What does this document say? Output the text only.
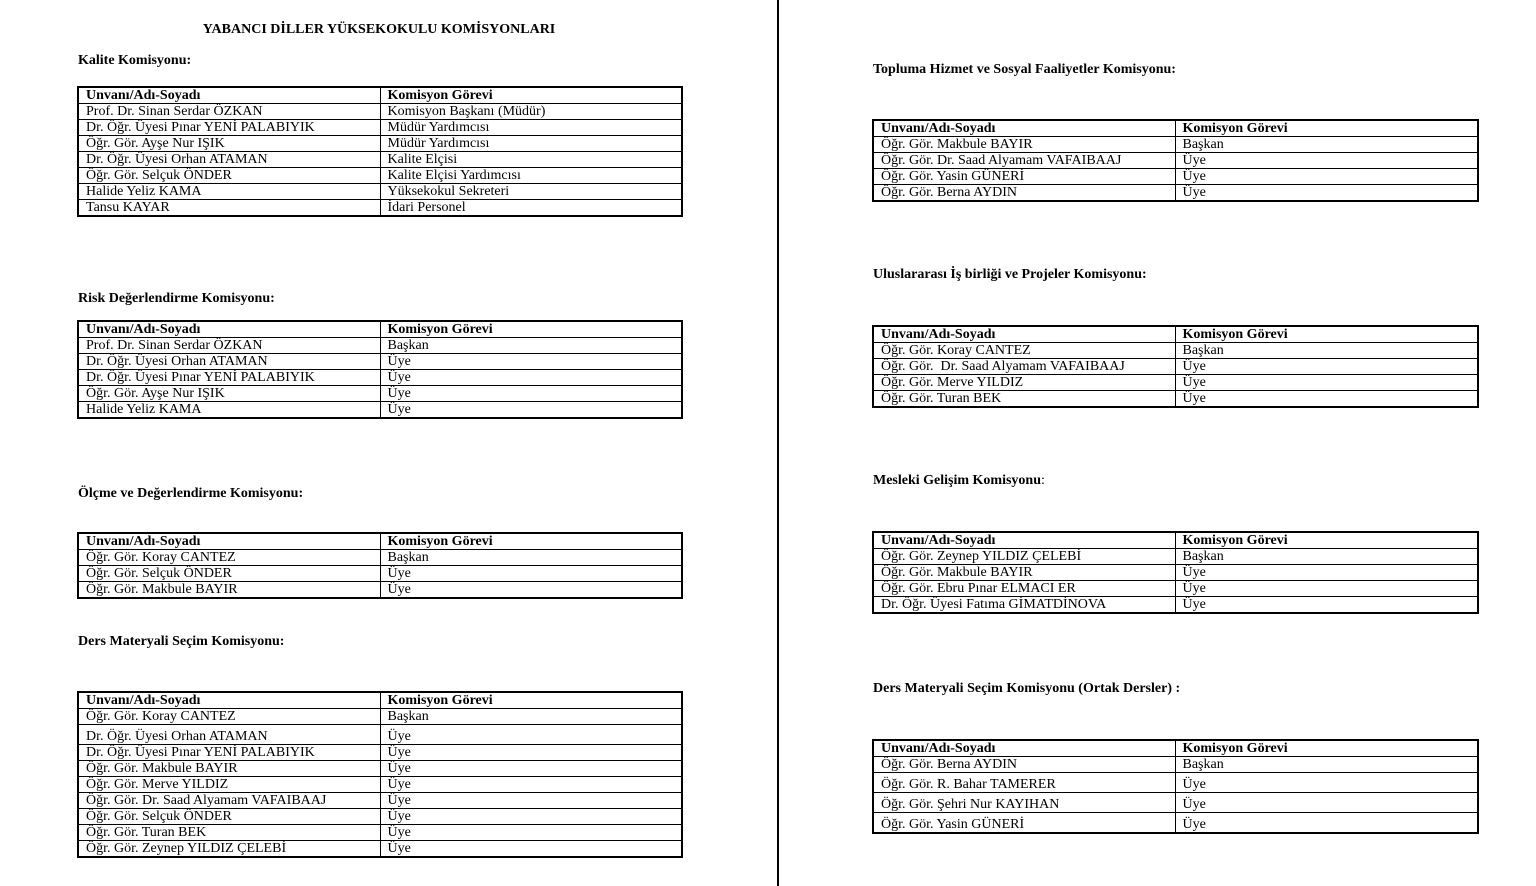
YABANCI DİLLER YÜKSEKOKULU KOMİSYONLARI
Kalite Komisyonu:
Unvanı/Adı-Soyadı	Komisyon Görevi
Prof. Dr. Sinan Serdar ÖZKAN	Komisyon Başkanı (Müdür)
Dr. Öğr. Üyesi Pınar YENİ PALABIYIK	Müdür Yardımcısı
Öğr. Gör. Ayşe Nur IŞIK	Müdür Yardımcısı
Dr. Öğr. Üyesi Orhan ATAMAN	Kalite Elçisi
Öğr. Gör. Selçuk ÖNDER	Kalite Elçisi Yardımcısı
Halide Yeliz KAMA	Yüksekokul Sekreteri
Tansu KAYAR	İdari Personel
Risk Değerlendirme Komisyonu:
Unvanı/Adı-Soyadı	Komisyon Görevi
Prof. Dr. Sinan Serdar ÖZKAN	Başkan
Dr. Öğr. Üyesi Orhan ATAMAN	Üye
Dr. Öğr. Üyesi Pınar YENİ PALABIYIK	Üye
Öğr. Gör. Ayşe Nur IŞIK	Üye
Halide Yeliz KAMA	Üye
Ölçme ve Değerlendirme Komisyonu:
Unvanı/Adı-Soyadı	Komisyon Görevi
Öğr. Gör. Koray CANTEZ	Başkan
Öğr. Gör. Selçuk ÖNDER	Üye
Öğr. Gör. Makbule BAYIR	Üye
Ders Materyali Seçim Komisyonu:
Unvanı/Adı-Soyadı	Komisyon Görevi
Öğr. Gör. Koray CANTEZ	Başkan
Dr. Öğr. Üyesi Orhan ATAMAN	Üye
Dr. Öğr. Üyesi Pınar YENİ PALABIYIK	Üye
Öğr. Gör. Makbule BAYIR	Üye
Öğr. Gör. Merve YILDIZ	Üye
Öğr. Gör. Dr. Saad Alyamam VAFAIBAAJ	Üye
Öğr. Gör. Selçuk ÖNDER	Üye
Öğr. Gör. Turan BEK	Üye
Öğr. Gör. Zeynep YILDIZ ÇELEBİ	Üye
Topluma Hizmet ve Sosyal Faaliyetler Komisyonu:
Unvanı/Adı-Soyadı	Komisyon Görevi
Öğr. Gör. Makbule BAYIR	Başkan
Öğr. Gör. Dr. Saad Alyamam VAFAIBAAJ	Üye
Öğr. Gör. Yasin GÜNERİ	Üye
Öğr. Gör. Berna AYDIN	Üye
Uluslararası İş birliği ve Projeler Komisyonu:
Unvanı/Adı-Soyadı	Komisyon Görevi
Öğr. Gör. Koray CANTEZ	Başkan
Öğr. Gör.  Dr. Saad Alyamam VAFAIBAAJ	Üye
Öğr. Gör. Merve YILDIZ	Üye
Öğr. Gör. Turan BEK	Üye
Mesleki Gelişim Komisyonu:
Unvanı/Adı-Soyadı	Komisyon Görevi
Öğr. Gör. Zeynep YILDIZ ÇELEBİ	Başkan
Öğr. Gör. Makbule BAYIR	Üye
Öğr. Gör. Ebru Pınar ELMACI ER	Üye
Dr. Öğr. Üyesi Fatıma GİMATDİNOVA	Üye
Ders Materyali Seçim Komisyonu (Ortak Dersler) :
Unvanı/Adı-Soyadı	Komisyon Görevi
Öğr. Gör. Berna AYDIN	Başkan
Öğr. Gör. R. Bahar TAMERER	Üye
Öğr. Gör. Şehri Nur KAYIHAN	Üye
Öğr. Gör. Yasin GÜNERİ	Üye
